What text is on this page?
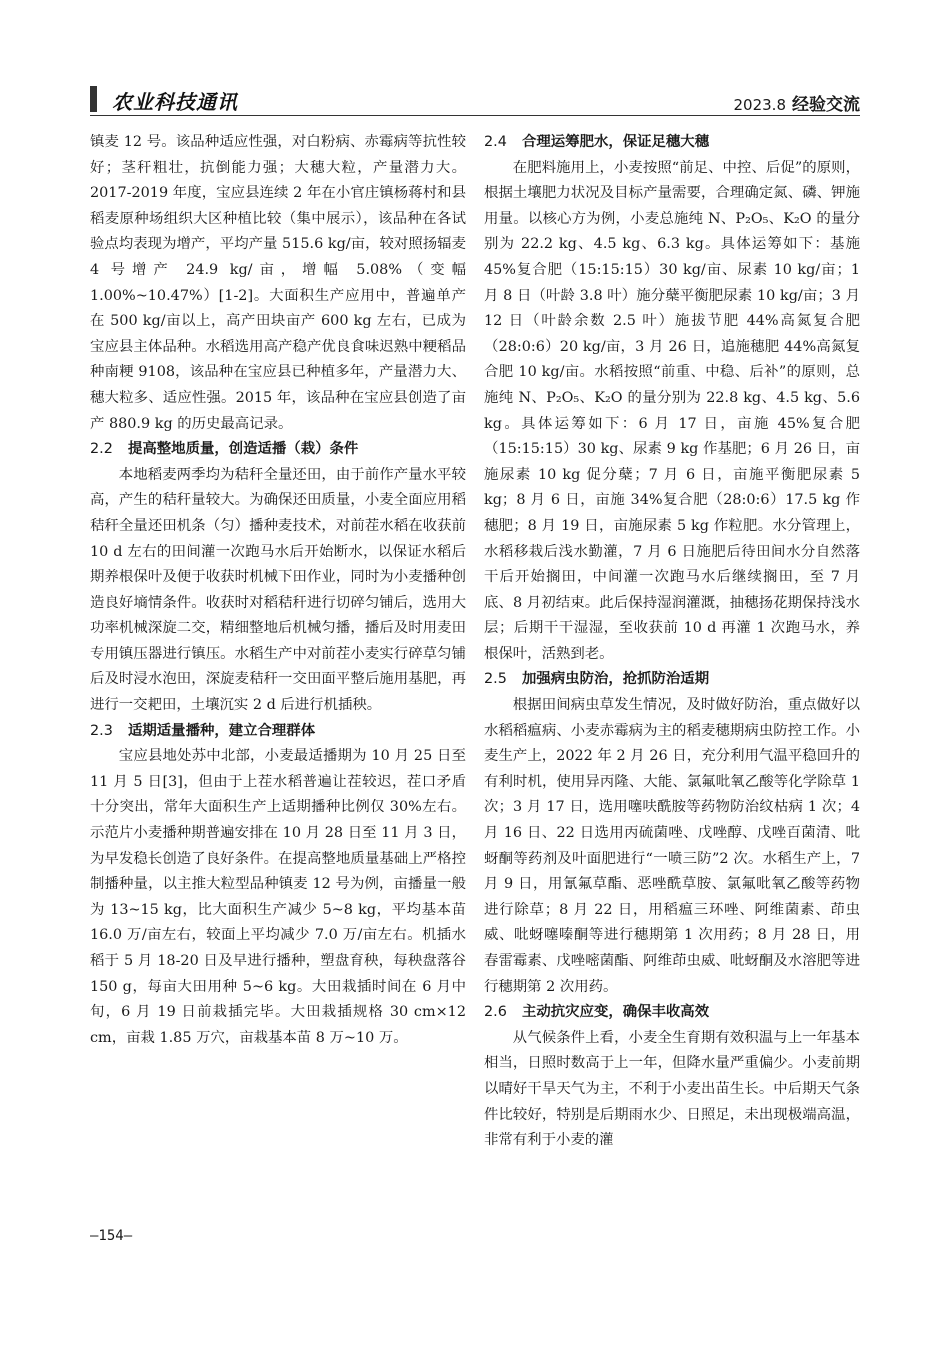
农业科技通讯	2023.8 经验交流

镇麦 12 号。该品种适应性强，对白粉病、赤霉病等抗性较好；茎秆粗壮，抗倒能力强；大穗大粒，产量潜力大。2017-2019 年度，宝应县连续 2 年在小官庄镇杨蒋村和县稻麦原种场组织大区种植比较（集中展示），该品种在各试验点均表现为增产，平均产量 515.6 kg/亩，较对照扬辐麦 4 号增产 24.9 kg/亩，增幅 5.08%（变幅 1.00%~10.47%）[1-2]。大面积生产应用中，普遍单产在 500 kg/亩以上，高产田块亩产 600 kg 左右，已成为宝应县主体品种。水稻选用高产稳产优良食味迟熟中粳稻品种南粳 9108，该品种在宝应县已种植多年，产量潜力大、穗大粒多、适应性强。2015 年，该品种在宝应县创造了亩产 880.9 kg 的历史最高记录。

2.2 提高整地质量，创造适播（栽）条件

本地稻麦两季均为秸秆全量还田，由于前作产量水平较高，产生的秸秆量较大。为确保还田质量，小麦全面应用稻秸秆全量还田机条（匀）播种麦技术，对前茬水稻在收获前 10 d 左右的田间灌一次跑马水后开始断水，以保证水稻后期养根保叶及便于收获时机械下田作业，同时为小麦播种创造良好墒情条件。收获时对稻秸秆进行切碎匀铺后，选用大功率机械深旋二交，精细整地后机械匀播，播后及时用麦田专用镇压器进行镇压。水稻生产中对前茬小麦实行碎草匀铺后及时浸水泡田，深旋麦秸秆一交田面平整后施用基肥，再进行一交耙田，土壤沉实 2 d 后进行机插秧。

2.3 适期适量播种，建立合理群体

宝应县地处苏中北部，小麦最适播期为 10 月 25 日至 11 月 5 日[3]，但由于上茬水稻普遍让茬较迟，茬口矛盾十分突出，常年大面积生产上适期播种比例仅 30%左右。示范片小麦播种期普遍安排在 10 月 28 日至 11 月 3 日，为早发稳长创造了良好条件。在提高整地质量基础上严格控制播种量，以主推大粒型品种镇麦 12 号为例，亩播量一般为 13~15 kg，比大面积生产减少 5~8 kg，平均基本苗 16.0 万/亩左右，较面上平均减少 7.0 万/亩左右。机插水稻于 5 月 18-20 日及早进行播种，塑盘育秧，每秧盘落谷 150 g，每亩大田用种 5~6 kg。大田栽插时间在 6 月中旬，6 月 19 日前栽插完毕。大田栽插规格 30 cm×12 cm，亩栽 1.85 万穴，亩栽基本苗 8 万~10 万。

2.4 合理运筹肥水，保证足穗大穗

在肥料施用上，小麦按照“前足、中控、后促”的原则，根据土壤肥力状况及目标产量需要，合理确定氮、磷、钾施用量。以核心方为例，小麦总施纯 N、P₂O₅、K₂O 的量分别为 22.2 kg、4.5 kg、6.3 kg。具体运筹如下：基施 45%复合肥（15:15:15）30 kg/亩、尿素 10 kg/亩；1 月 8 日（叶龄 3.8 叶）施分蘖平衡肥尿素 10 kg/亩；3 月 12 日（叶龄余数 2.5 叶）施拔节肥 44%高氮复合肥（28:0:6）20 kg/亩，3 月 26 日，追施穗肥 44%高氮复合肥 10 kg/亩。水稻按照“前重、中稳、后补”的原则，总施纯 N、P₂O₅、K₂O 的量分别为 22.8 kg、4.5 kg、5.6 kg。具体运筹如下：6 月 17 日，亩施 45%复合肥（15:15:15）30 kg、尿素 9 kg 作基肥；6 月 26 日，亩施尿素 10 kg 促分蘖；7 月 6 日，亩施平衡肥尿素 5 kg；8 月 6 日，亩施 34%复合肥（28:0:6）17.5 kg 作穗肥；8 月 19 日，亩施尿素 5 kg 作粒肥。水分管理上，水稻移栽后浅水勤灌，7 月 6 日施肥后待田间水分自然落干后开始搁田，中间灌一次跑马水后继续搁田，至 7 月底、8 月初结束。此后保持湿润灌溉，抽穗扬花期保持浅水层；后期干干湿湿，至收获前 10 d 再灌 1 次跑马水，养根保叶，活熟到老。

2.5 加强病虫防治，抢抓防治适期

根据田间病虫草发生情况，及时做好防治，重点做好以水稻稻瘟病、小麦赤霉病为主的稻麦穗期病虫防控工作。小麦生产上，2022 年 2 月 26 日，充分利用气温平稳回升的有利时机，使用异丙隆、大能、氯氟吡氧乙酸等化学除草 1 次；3 月 17 日，选用噻呋酰胺等药物防治纹枯病 1 次；4 月 16 日、22 日选用丙硫菌唑、戊唑醇、戊唑百菌清、吡蚜酮等药剂及叶面肥进行“一喷三防”2 次。水稻生产上，7 月 9 日，用氰氟草酯、恶唑酰草胺、氯氟吡氧乙酸等药物进行除草；8 月 22 日，用稻瘟三环唑、阿维菌素、茚虫威、吡蚜噻嗪酮等进行穗期第 1 次用药；8 月 28 日，用春雷霉素、戊唑嘧菌酯、阿维茚虫威、吡蚜酮及水溶肥等进行穗期第 2 次用药。

2.6 主动抗灾应变，确保丰收高效

从气候条件上看，小麦全生育期有效积温与上一年基本相当，日照时数高于上一年，但降水量严重偏少。小麦前期以晴好干旱天气为主，不利于小麦出苗生长。中后期天气条件比较好，特别是后期雨水少、日照足，未出现极端高温，非常有利于小麦的灌

—154—
